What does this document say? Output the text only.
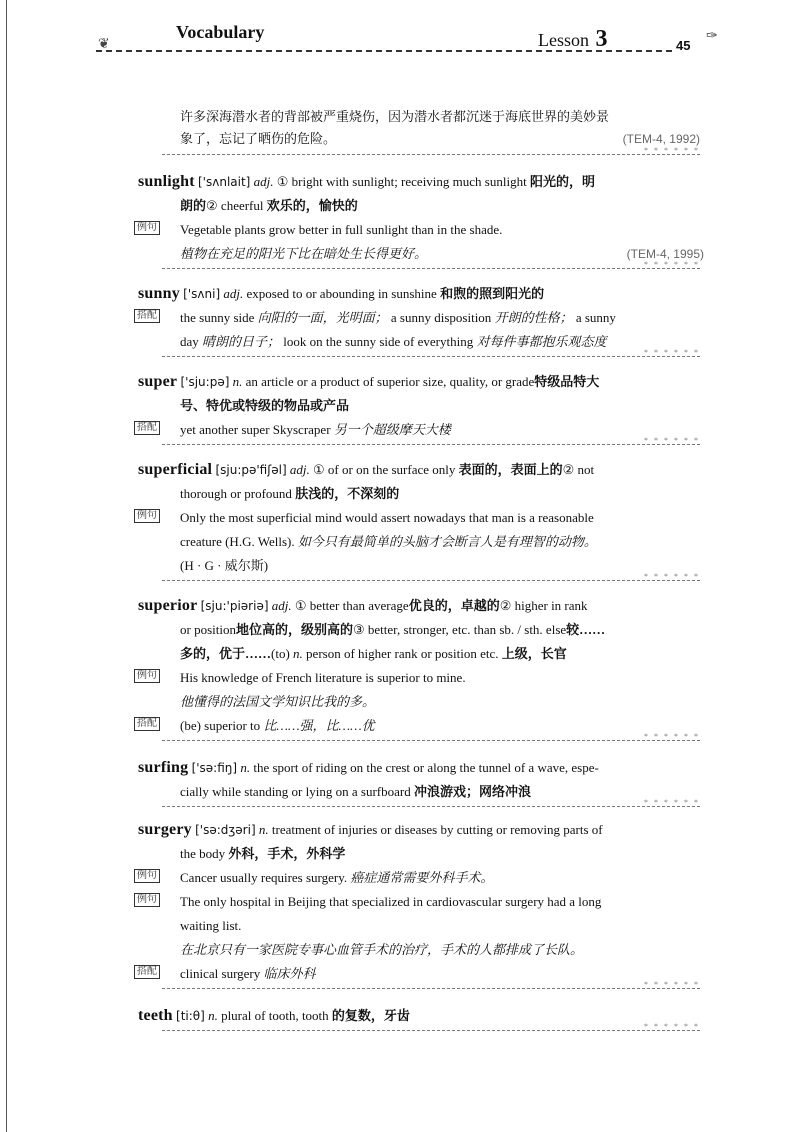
Vocabulary	Lesson 3	45
❦
✑
许多深海潜水者的背部被严重烧伤，因为潜水者都沉迷于海底世界的美妙景
象了，忘记了晒伤的危险。	(TEM-4, 1992)
* * * * * *
sunlight ['sʌnlait] adj. ① bright with sunlight; receiving much sunlight 阳光的，明
朗的② cheerful 欢乐的，愉快的
例句 Vegetable plants grow better in full sunlight than in the shade.
植物在充足的阳光下比在暗处生长得更好。	(TEM-4, 1995)
* * * * * *
sunny ['sʌni] adj. exposed to or abounding in sunshine 和煦的照到阳光的
搭配 the sunny side 向阳的一面，光明面； a sunny disposition 开朗的性格； a sunny
day 晴朗的日子； look on the sunny side of everything 对每件事都抱乐观态度
* * * * * *
super ['sju:pə] n. an article or a product of superior size, quality, or grade特级品特大
号、特优或特级的物品或产品
搭配 yet another super Skyscraper 另一个超级摩天大楼
* * * * * *
superficial [sju:pə'fiʃəl] adj. ① of or on the surface only 表面的，表面上的② not
thorough or profound 肤浅的，不深刻的
例句 Only the most superficial mind would assert nowadays that man is a reasonable
creature (H.G. Wells). 如今只有最简单的头脑才会断言人是有理智的动物。
(H · G · 威尔斯)
* * * * * *
superior [sju:'piəriə] adj. ① better than average优良的，卓越的② higher in rank
or position地位高的，级别高的③ better, stronger, etc. than sb. / sth. else较……
多的，优于……(to) n. person of higher rank or position etc. 上级，长官
例句 His knowledge of French literature is superior to mine.
他懂得的法国文学知识比我的多。
搭配 (be) superior to 比……强，比……优
* * * * * *
surfing ['sə:fiŋ] n. the sport of riding on the crest or along the tunnel of a wave, espe-
cially while standing or lying on a surfboard 冲浪游戏；网络冲浪
* * * * * *
surgery ['sə:dʒəri] n. treatment of injuries or diseases by cutting or removing parts of
the body 外科，手术，外科学
例句 Cancer usually requires surgery. 癌症通常需要外科手术。
例句 The only hospital in Beijing that specialized in cardiovascular surgery had a long
waiting list.
在北京只有一家医院专事心血管手术的治疗，手术的人都排成了长队。
搭配 clinical surgery 临床外科
* * * * * *
teeth [ti:θ] n. plural of tooth, tooth 的复数，牙齿
* * * * * *
